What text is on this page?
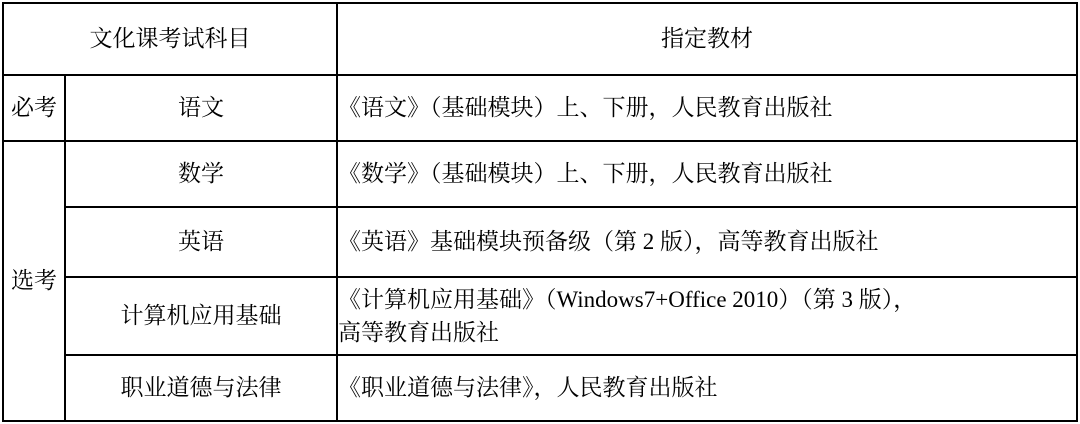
文化课考试科目		指定教材
必考	语文	《语文》（基础模块）上、下册，人民教育出版社
选考	数学	《数学》（基础模块）上、下册，人民教育出版社
	英语	《英语》基础模块预备级（第 2 版），高等教育出版社
	计算机应用基础	《计算机应用基础》（Windows7+Office 2010）（第 3 版），
高等教育出版社

	职业道德与法律	《职业道德与法律》，人民教育出版社
